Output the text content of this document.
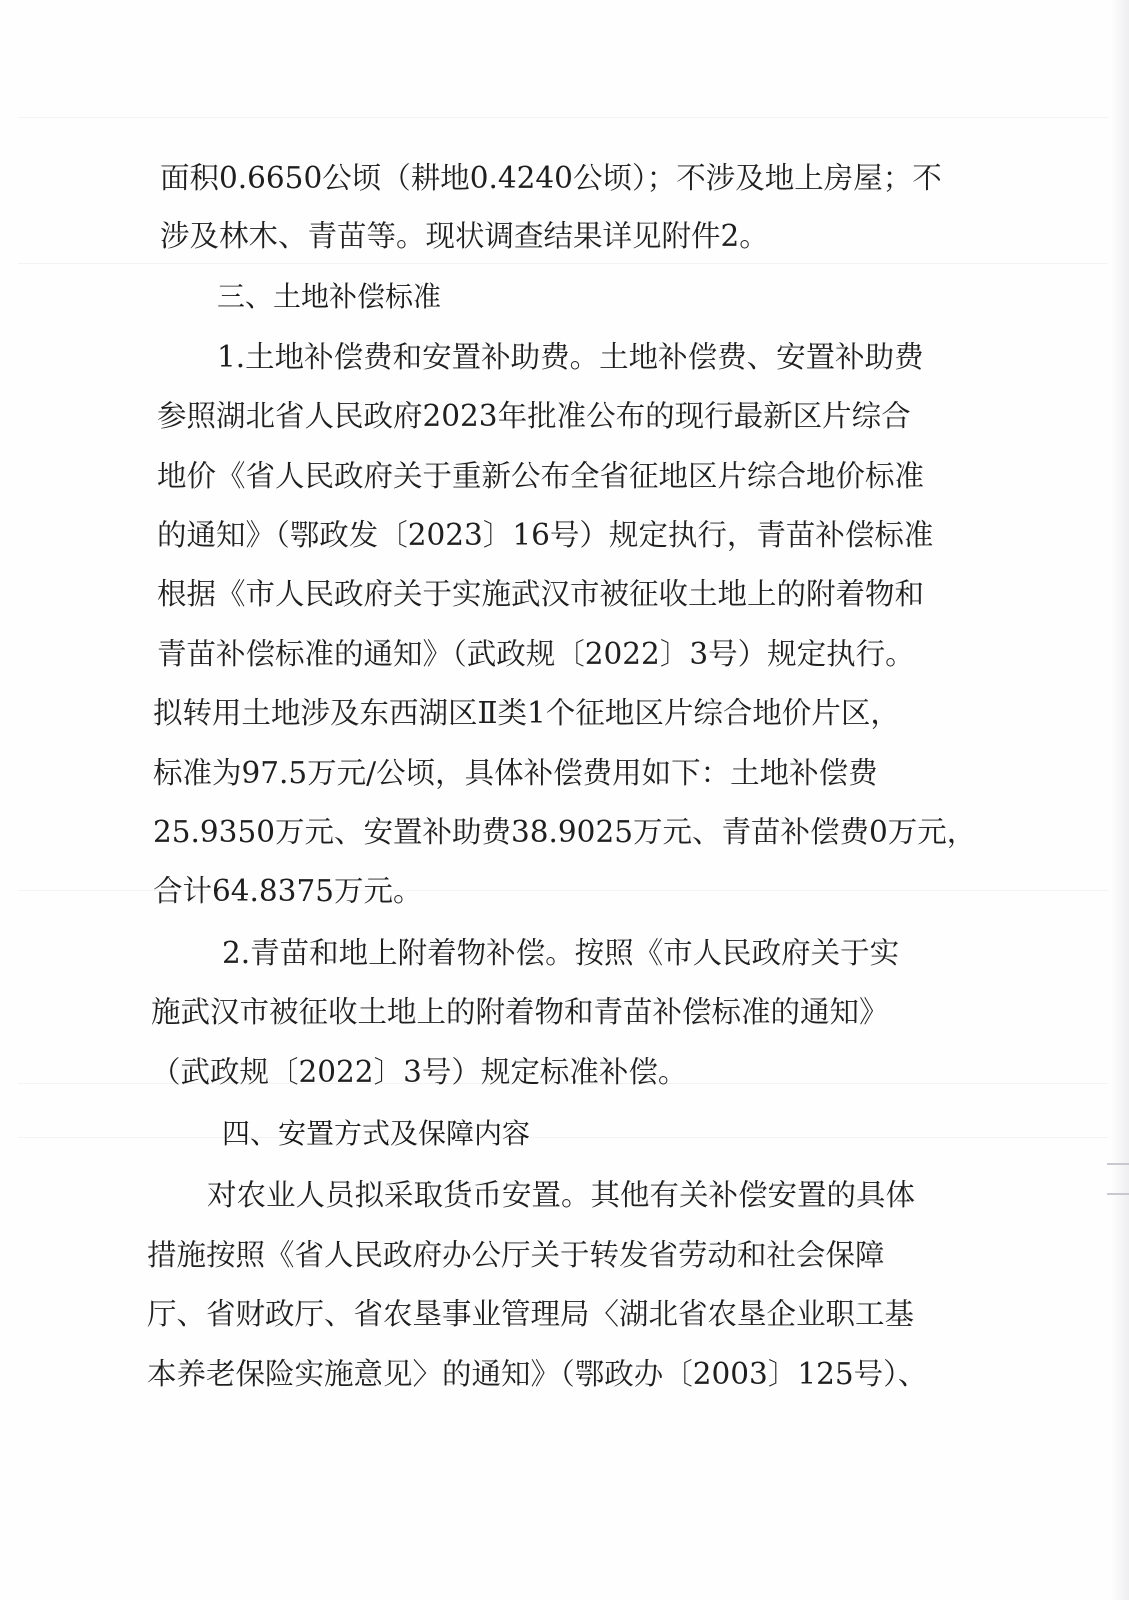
面积0.6650公顷（耕地0.4240公顷）；不涉及地上房屋；不

涉及林木、青苗等。现状调查结果详见附件2。

三、土地补偿标准

1.土地补偿费和安置补助费。土地补偿费、安置补助费

参照湖北省人民政府2023年批准公布的现行最新区片综合

地价《省人民政府关于重新公布全省征地区片综合地价标准

的通知》（鄂政发〔2023〕16号）规定执行，青苗补偿标准

根据《市人民政府关于实施武汉市被征收土地上的附着物和

青苗补偿标准的通知》（武政规〔2022〕3号）规定执行。

拟转用土地涉及东西湖区Ⅱ类1个征地区片综合地价片区，

标准为97.5万元/公顷，具体补偿费用如下：土地补偿费

25.9350万元、安置补助费38.9025万元、青苗补偿费0万元，

合计64.8375万元。

2.青苗和地上附着物补偿。按照《市人民政府关于实

施武汉市被征收土地上的附着物和青苗补偿标准的通知》

（武政规〔2022〕3号）规定标准补偿。

四、安置方式及保障内容

对农业人员拟采取货币安置。其他有关补偿安置的具体

措施按照《省人民政府办公厅关于转发省劳动和社会保障

厅、省财政厅、省农垦事业管理局〈湖北省农垦企业职工基

本养老保险实施意见〉的通知》（鄂政办〔2003〕125号）、
